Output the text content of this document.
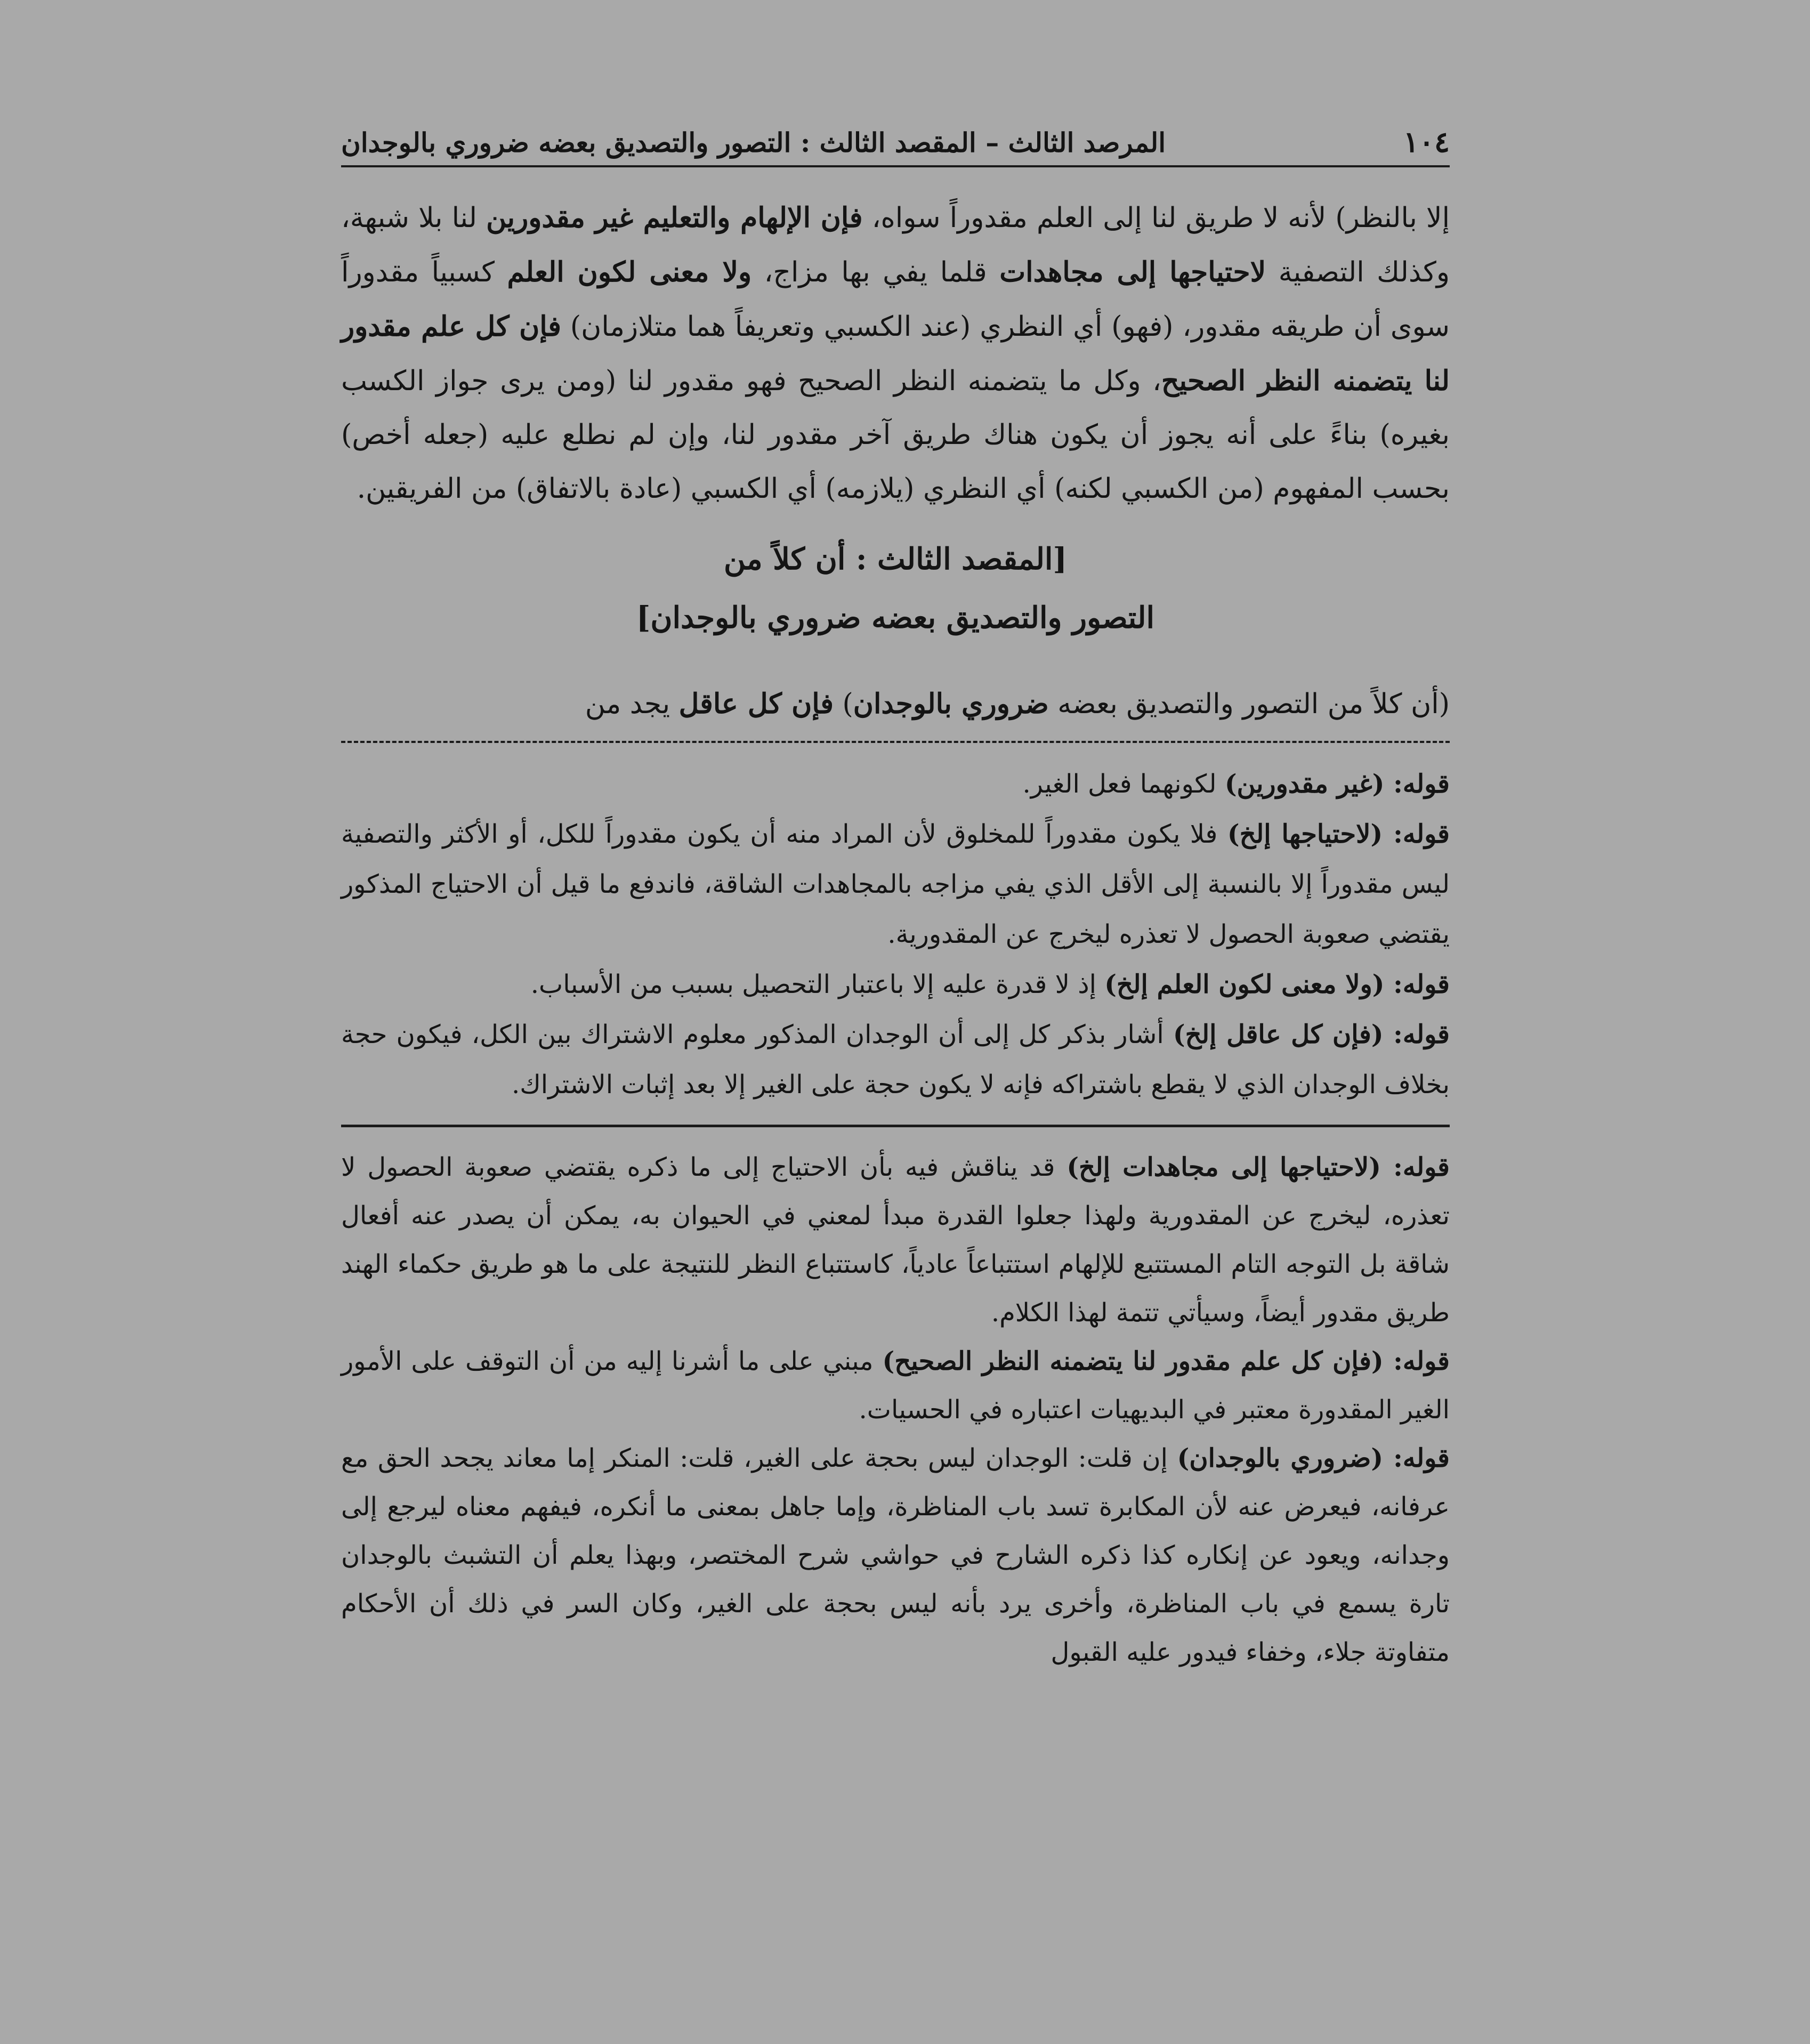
١٠٤
المرصد الثالث – المقصد الثالث : التصور والتصديق بعضه ضروري بالوجدان

إلا بالنظر) لأنه لا طريق لنا إلى العلم مقدوراً سواه، فإن الإلهام والتعليم غير مقدورين لنا بلا شبهة، وكذلك التصفية لاحتياجها إلى مجاهدات قلما يفي بها مزاج، ولا معنى لكون العلم كسبياً مقدوراً سوى أن طريقه مقدور، (فهو) أي النظري (عند الكسبي وتعريفاً هما متلازمان) فإن كل علم مقدور لنا يتضمنه النظر الصحيح، وكل ما يتضمنه النظر الصحيح فهو مقدور لنا (ومن يرى جواز الكسب بغيره) بناءً على أنه يجوز أن يكون هناك طريق آخر مقدور لنا، وإن لم نطلع عليه (جعله أخص) بحسب المفهوم (من الكسبي لكنه) أي النظري (يلازمه) أي الكسبي (عادة بالاتفاق) من الفريقين.

[المقصد الثالث : أن كلاً من
التصور والتصديق بعضه ضروري بالوجدان]

(أن كلاً من التصور والتصديق بعضه ضروري بالوجدان) فإن كل عاقل يجد من

قوله: (غير مقدورين) لكونهما فعل الغير.

قوله: (لاحتياجها إلخ) فلا يكون مقدوراً للمخلوق لأن المراد منه أن يكون مقدوراً للكل، أو الأكثر والتصفية ليس مقدوراً إلا بالنسبة إلى الأقل الذي يفي مزاجه بالمجاهدات الشاقة، فاندفع ما قيل أن الاحتياج المذكور يقتضي صعوبة الحصول لا تعذره ليخرج عن المقدورية.

قوله: (ولا معنى لكون العلم إلخ) إذ لا قدرة عليه إلا باعتبار التحصيل بسبب من الأسباب.

قوله: (فإن كل عاقل إلخ) أشار بذكر كل إلى أن الوجدان المذكور معلوم الاشتراك بين الكل، فيكون حجة بخلاف الوجدان الذي لا يقطع باشتراكه فإنه لا يكون حجة على الغير إلا بعد إثبات الاشتراك.

قوله: (لاحتياجها إلى مجاهدات إلخ) قد يناقش فيه بأن الاحتياج إلى ما ذكره يقتضي صعوبة الحصول لا تعذره، ليخرج عن المقدورية ولهذا جعلوا القدرة مبدأ لمعني في الحيوان به، يمكن أن يصدر عنه أفعال شاقة بل التوجه التام المستتبع للإلهام استتباعاً عادياً، كاستتباع النظر للنتيجة على ما هو طريق حكماء الهند طريق مقدور أيضاً، وسيأتي تتمة لهذا الكلام.

قوله: (فإن كل علم مقدور لنا يتضمنه النظر الصحيح) مبني على ما أشرنا إليه من أن التوقف على الأمور الغير المقدورة معتبر في البديهيات اعتباره في الحسيات.

قوله: (ضروري بالوجدان) إن قلت: الوجدان ليس بحجة على الغير، قلت: المنكر إما معاند يجحد الحق مع عرفانه، فيعرض عنه لأن المكابرة تسد باب المناظرة، وإما جاهل بمعنى ما أنكره، فيفهم معناه ليرجع إلى وجدانه، ويعود عن إنكاره كذا ذكره الشارح في حواشي شرح المختصر، وبهذا يعلم أن التشبث بالوجدان تارة يسمع في باب المناظرة، وأخرى يرد بأنه ليس بحجة على الغير، وكان السر في ذلك أن الأحكام متفاوتة جلاء، وخفاء فيدور عليه القبول
